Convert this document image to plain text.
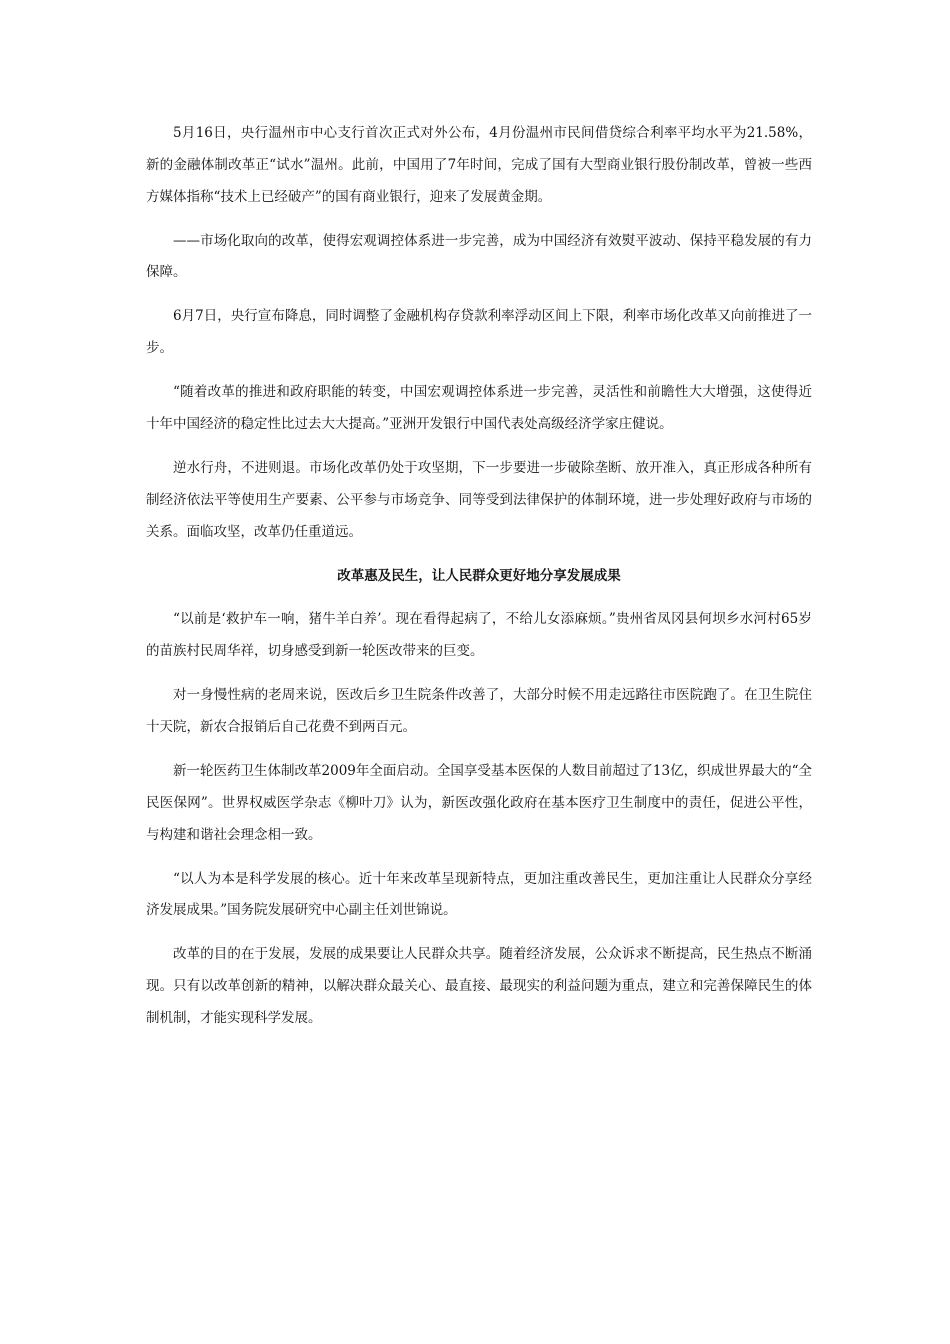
5月16日，央行温州市中心支行首次正式对外公布，4月份温州市民间借贷综合利率平均水平为21.58%，新的金融体制改革正“试水”温州。此前，中国用了7年时间，完成了国有大型商业银行股份制改革，曾被一些西方媒体指称“技术上已经破产”的国有商业银行，迎来了发展黄金期。

——市场化取向的改革，使得宏观调控体系进一步完善，成为中国经济有效熨平波动、保持平稳发展的有力保障。

6月7日，央行宣布降息，同时调整了金融机构存贷款利率浮动区间上下限，利率市场化改革又向前推进了一步。

“随着改革的推进和政府职能的转变，中国宏观调控体系进一步完善，灵活性和前瞻性大大增强，这使得近十年中国经济的稳定性比过去大大提高。”亚洲开发银行中国代表处高级经济学家庄健说。

逆水行舟，不进则退。市场化改革仍处于攻坚期，下一步要进一步破除垄断、放开准入，真正形成各种所有制经济依法平等使用生产要素、公平参与市场竞争、同等受到法律保护的体制环境，进一步处理好政府与市场的关系。面临攻坚，改革仍任重道远。

改革惠及民生，让人民群众更好地分享发展成果

“以前是‘救护车一响，猪牛羊白养’。现在看得起病了，不给儿女添麻烦。”贵州省凤冈县何坝乡水河村65岁的苗族村民周华祥，切身感受到新一轮医改带来的巨变。

对一身慢性病的老周来说，医改后乡卫生院条件改善了，大部分时候不用走远路往市医院跑了。在卫生院住十天院，新农合报销后自己花费不到两百元。

新一轮医药卫生体制改革2009年全面启动。全国享受基本医保的人数目前超过了13亿，织成世界最大的“全民医保网”。世界权威医学杂志《柳叶刀》认为，新医改强化政府在基本医疗卫生制度中的责任，促进公平性，与构建和谐社会理念相一致。

“以人为本是科学发展的核心。近十年来改革呈现新特点，更加注重改善民生，更加注重让人民群众分享经济发展成果。”国务院发展研究中心副主任刘世锦说。

改革的目的在于发展，发展的成果要让人民群众共享。随着经济发展，公众诉求不断提高，民生热点不断涌现。只有以改革创新的精神，以解决群众最关心、最直接、最现实的利益问题为重点，建立和完善保障民生的体制机制，才能实现科学发展。
